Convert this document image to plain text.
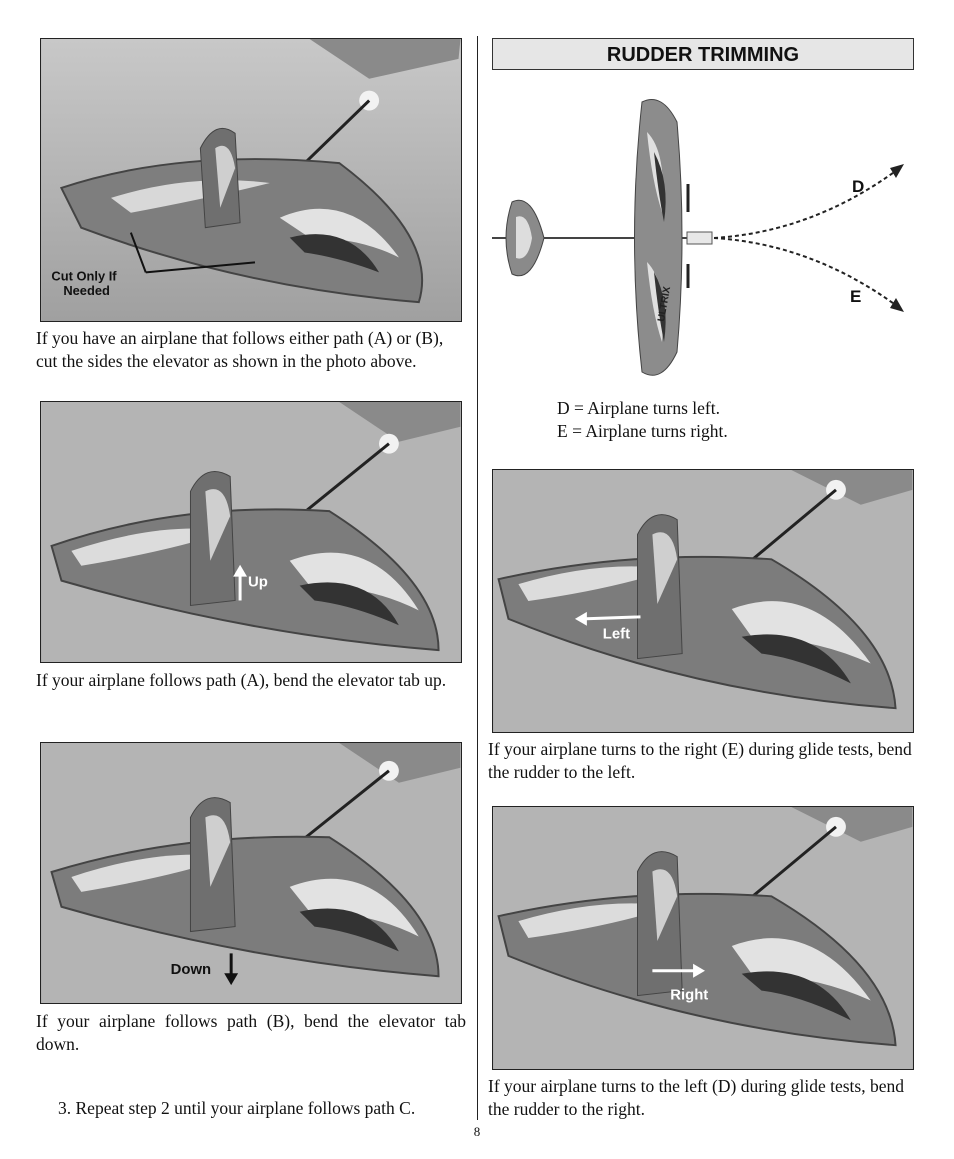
Cut Only If
Needed
If you have an airplane that follows either path (A) or (B), cut the sides the elevator as shown in the photo above.
Up
If your airplane follows path (A), bend the elevator tab up.
Down
If your airplane follows path (B), bend the elevator tab down.
3. Repeat step 2 until your airplane follows path C.
RUDDER TRIMMING
ULTRIX
D
E
D = Airplane turns left.
E = Airplane turns right.
Left
If your airplane turns to the right (E) during glide tests, bend the rudder to the left.
Right
If your airplane turns to the left (D) during glide tests, bend the rudder to the right.
8
